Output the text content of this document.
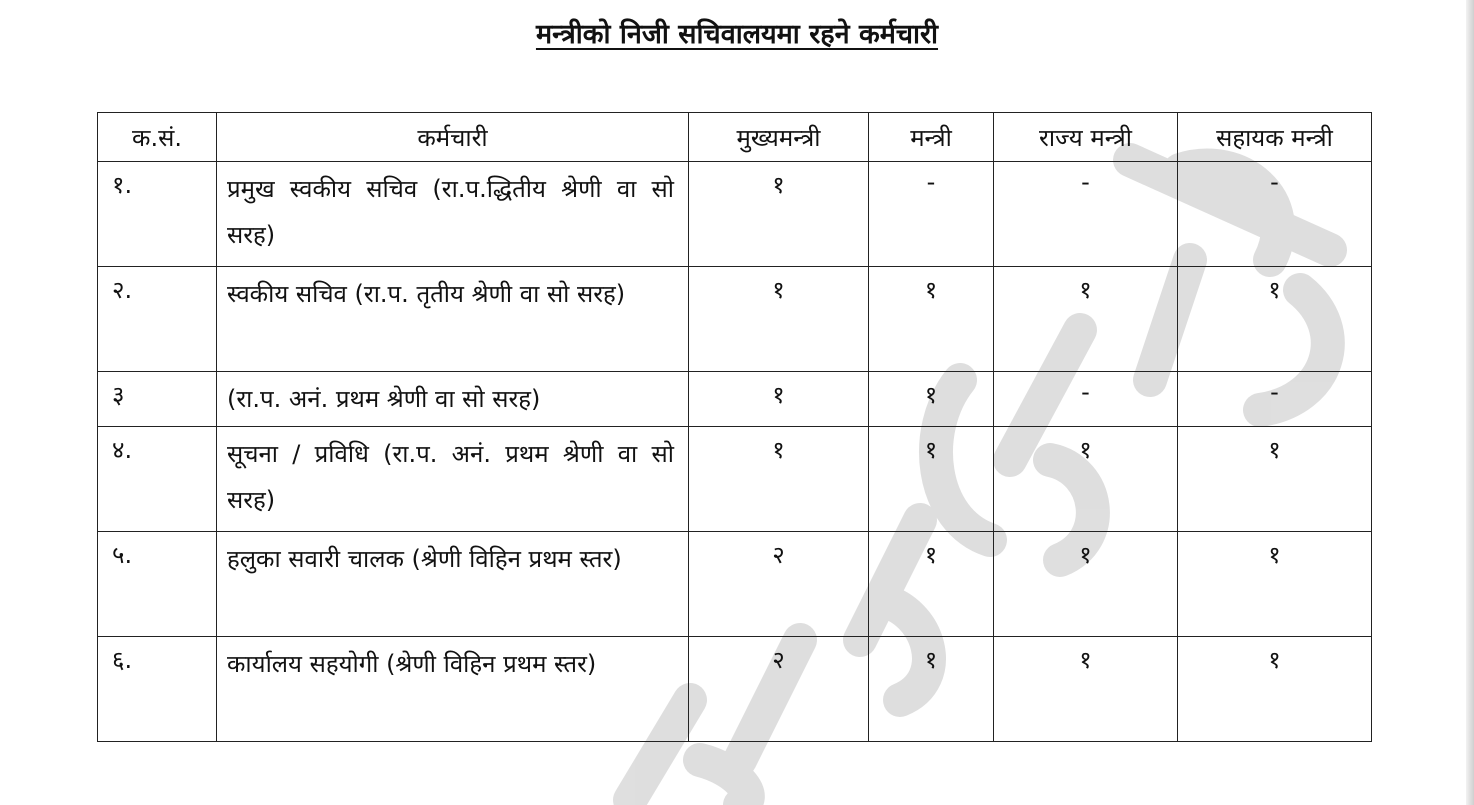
मन्त्रीको निजी सचिवालयमा रहने कर्मचारी
क.सं.	कर्मचारी	मुख्यमन्त्री	मन्त्री	राज्य मन्त्री	सहायक मन्त्री
१.	प्रमुख स्वकीय सचिव (रा.प.द्धितीय श्रेणी वा सो सरह)	१	-	-	-
२.	स्वकीय सचिव (रा.प. तृतीय श्रेणी वा सो सरह)	१	१	१	१
३	(रा.प. अनं. प्रथम श्रेणी वा सो सरह)	१	१	-	-
४.	सूचना / प्रविधि (रा.प. अनं. प्रथम श्रेणी वा सो सरह)	१	१	१	१
५.	हलुका सवारी चालक (श्रेणी विहिन प्रथम स्तर)	२	१	१	१
६.	कार्यालय सहयोगी (श्रेणी विहिन प्रथम स्तर)	२	१	१	१
